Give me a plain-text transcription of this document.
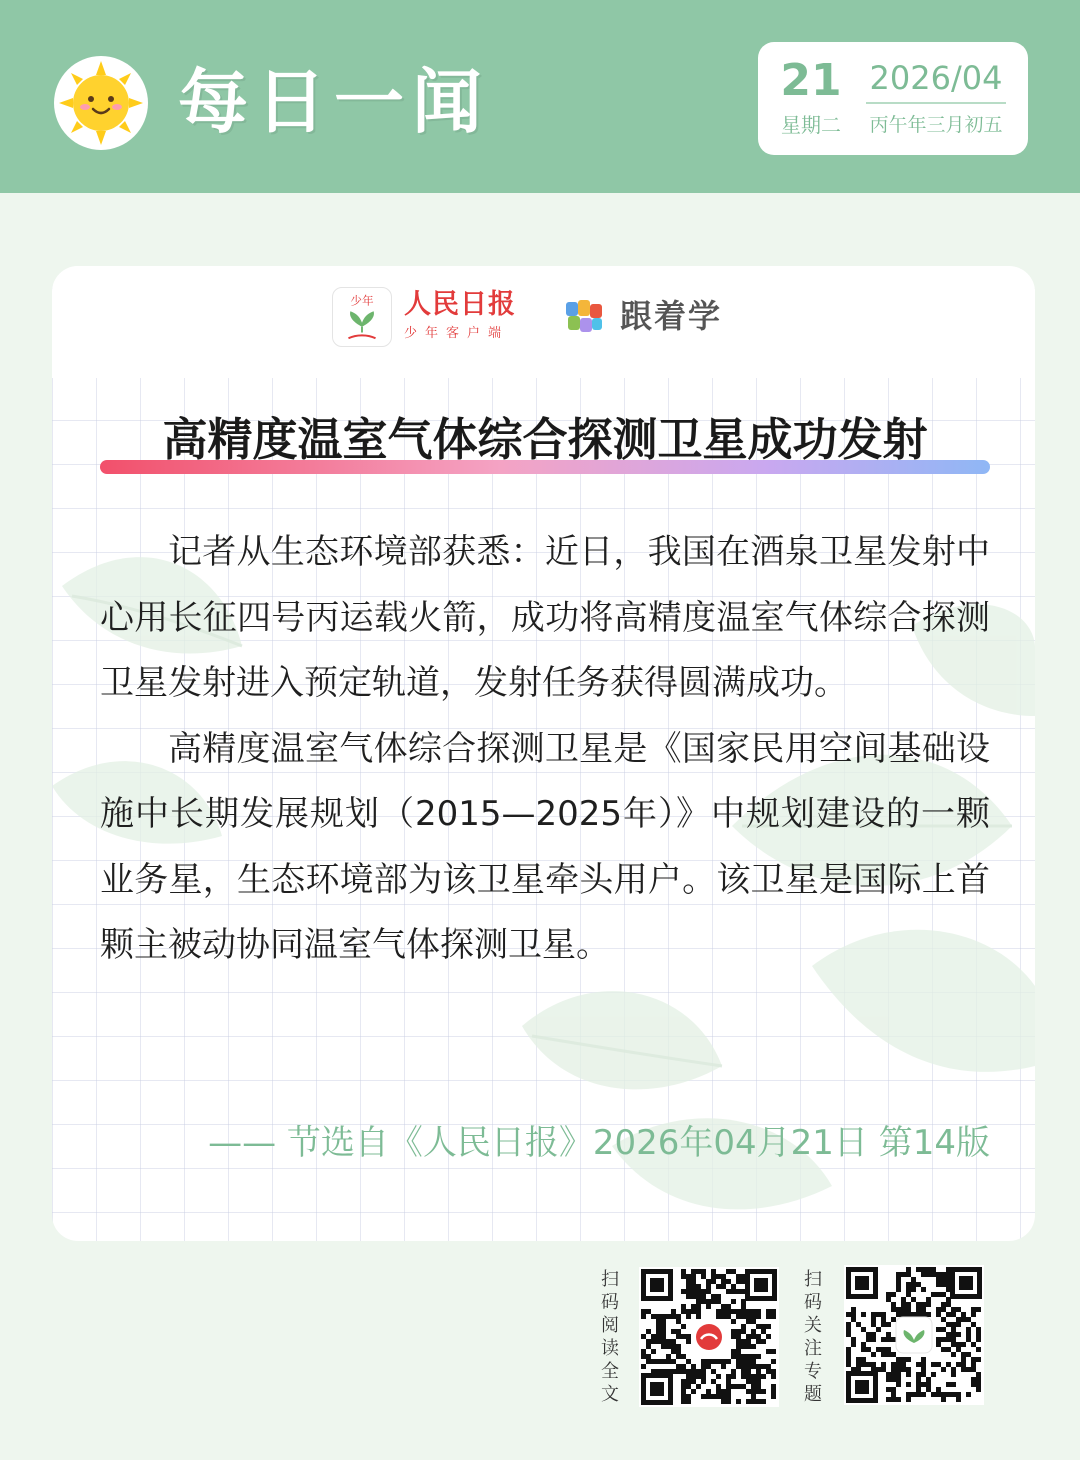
每日一闻	21
星期二
2026/04
丙午年三月初五
少年 人民日报
少年客户端	跟着学
高精度温室气体综合探测卫星成功发射

记者从生态环境部获悉：近日，我国在酒泉卫星发射中心用长征四号丙运载火箭，成功将高精度温室气体综合探测卫星发射进入预定轨道，发射任务获得圆满成功。

高精度温室气体综合探测卫星是《国家民用空间基础设施中长期发展规划（2015—2025年）》中规划建设的一颗业务星，生态环境部为该卫星牵头用户。该卫星是国际上首颗主被动协同温室气体探测卫星。

—— 节选自《人民日报》2026年04月21日 第14版
扫码阅读全文
扫码关注专题
